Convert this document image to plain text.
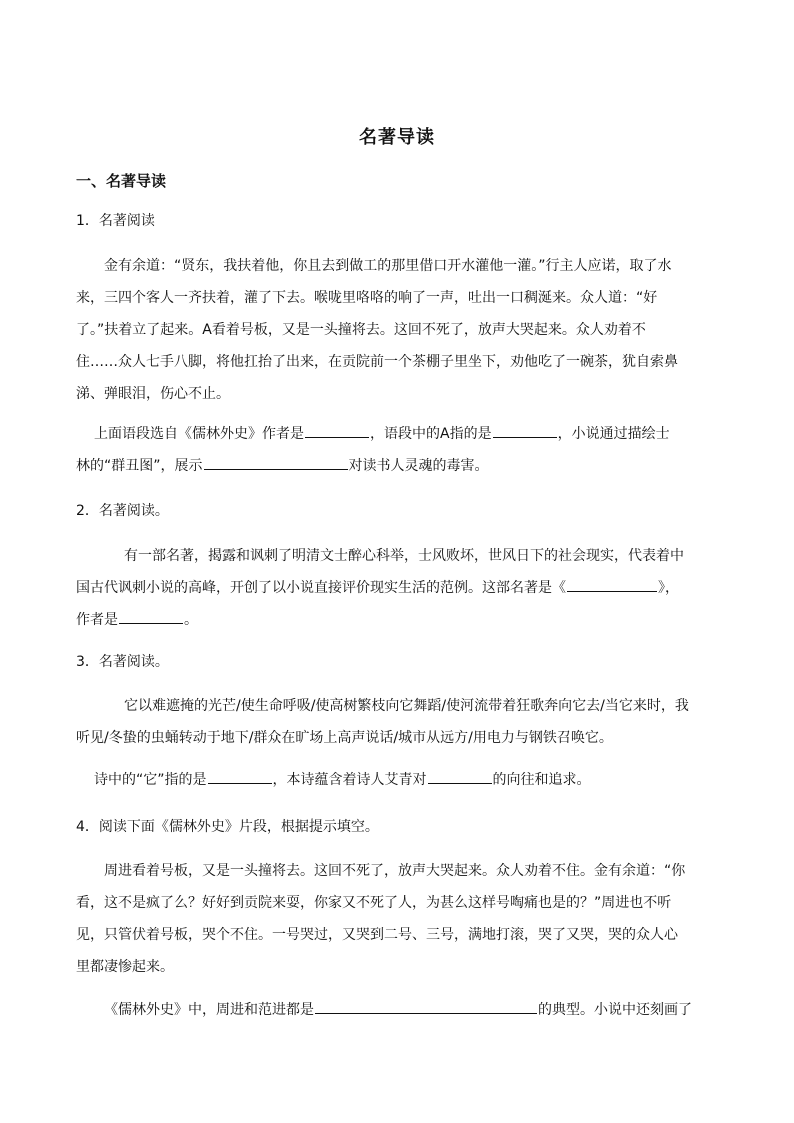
名著导读
一、名著导读
1．名著阅读
金有余道：“贤东，我扶着他，你且去到做工的那里借口开水灌他一灌。”行主人应诺，取了水
来，三四个客人一齐扶着，灌了下去。喉咙里咯咯的响了一声，吐出一口稠涎来。众人道：“好
了。”扶着立了起来。A看着号板，又是一头撞将去。这回不死了，放声大哭起来。众人劝着不
住……众人七手八脚，将他扛抬了出来，在贡院前一个茶棚子里坐下，劝他吃了一碗茶，犹自索鼻
涕、弹眼泪，伤心不止。
上面语段选自《儒林外史》作者是	，语段中的A指的是	，小说通过描绘士
林的“群丑图”，展示	对读书人灵魂的毒害。
2．名著阅读。
有一部名著，揭露和讽刺了明清文士醉心科举，士风败坏，世风日下的社会现实，代表着中
国古代讽刺小说的高峰，开创了以小说直接评价现实生活的范例。这部名著是《	》，
作者是	。
3．名著阅读。
它以难遮掩的光芒/使生命呼吸/使高树繁枝向它舞蹈/使河流带着狂歌奔向它去/当它来时，我
听见/冬蛰的虫蛹转动于地下/群众在旷场上高声说话/城市从远方/用电力与钢铁召唤它。
诗中的“它”指的是	，本诗蕴含着诗人艾青对	的向往和追求。
4．阅读下面《儒林外史》片段，根据提示填空。
周进看着号板，又是一头撞将去。这回不死了，放声大哭起来。众人劝着不住。金有余道：“你
看，这不是疯了么？好好到贡院来耍，你家又不死了人，为甚么这样号啕痛也是的？”周进也不听
见，只管伏着号板，哭个不住。一号哭过，又哭到二号、三号，满地打滚，哭了又哭，哭的众人心
里都凄惨起来。
《儒林外史》中，周进和范进都是	的典型。小说中还刻画了
